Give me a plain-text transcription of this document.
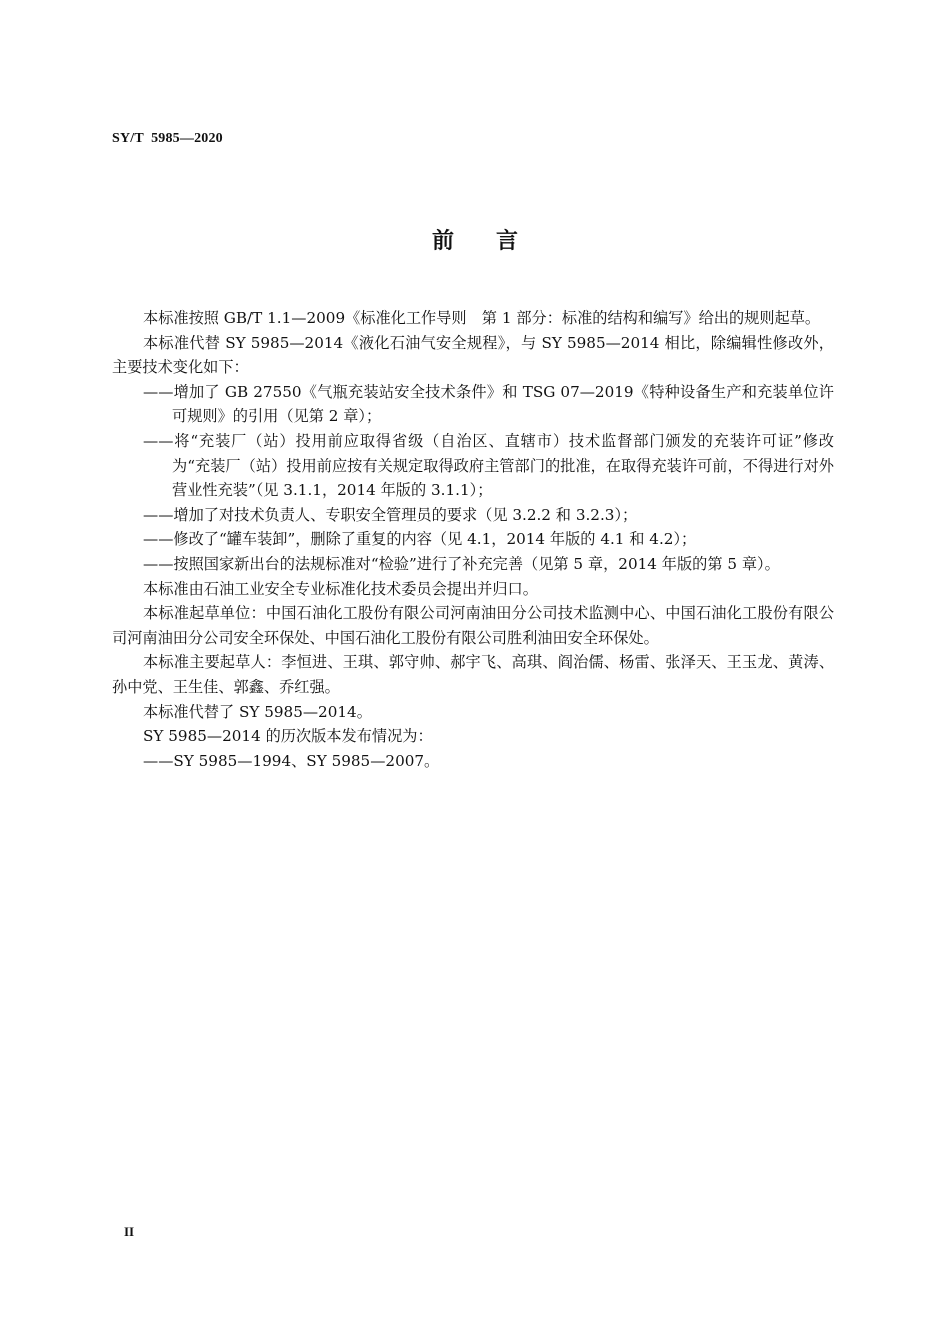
SY/T  5985—2020
前言

本标准按照 GB/T 1.1—2009《标准化工作导则　第 1 部分：标准的结构和编写》给出的规则起草。

本标准代替 SY 5985—2014《液化石油气安全规程》，与 SY 5985—2014 相比，除编辑性修改外，主要技术变化如下：

——增加了 GB 27550《气瓶充装站安全技术条件》和 TSG 07—2019《特种设备生产和充装单位许可规则》的引用（见第 2 章）；

——将“充装厂（站）投用前应取得省级（自治区、直辖市）技术监督部门颁发的充装许可证”修改为“充装厂（站）投用前应按有关规定取得政府主管部门的批准，在取得充装许可前，不得进行对外营业性充装”（见 3.1.1，2014 年版的 3.1.1）；

——增加了对技术负责人、专职安全管理员的要求（见 3.2.2 和 3.2.3）；

——修改了“罐车装卸”，删除了重复的内容（见 4.1，2014 年版的 4.1 和 4.2）；

——按照国家新出台的法规标准对“检验”进行了补充完善（见第 5 章，2014 年版的第 5 章）。

本标准由石油工业安全专业标准化技术委员会提出并归口。

本标准起草单位：中国石油化工股份有限公司河南油田分公司技术监测中心、中国石油化工股份有限公司河南油田分公司安全环保处、中国石油化工股份有限公司胜利油田安全环保处。

本标准主要起草人：李恒进、王琪、郭守帅、郝宇飞、高琪、阎治儒、杨雷、张泽天、王玉龙、黄涛、孙中党、王生佳、郭鑫、乔红强。

本标准代替了 SY 5985—2014。

SY 5985—2014 的历次版本发布情况为：

——SY 5985—1994、SY 5985—2007。

II
